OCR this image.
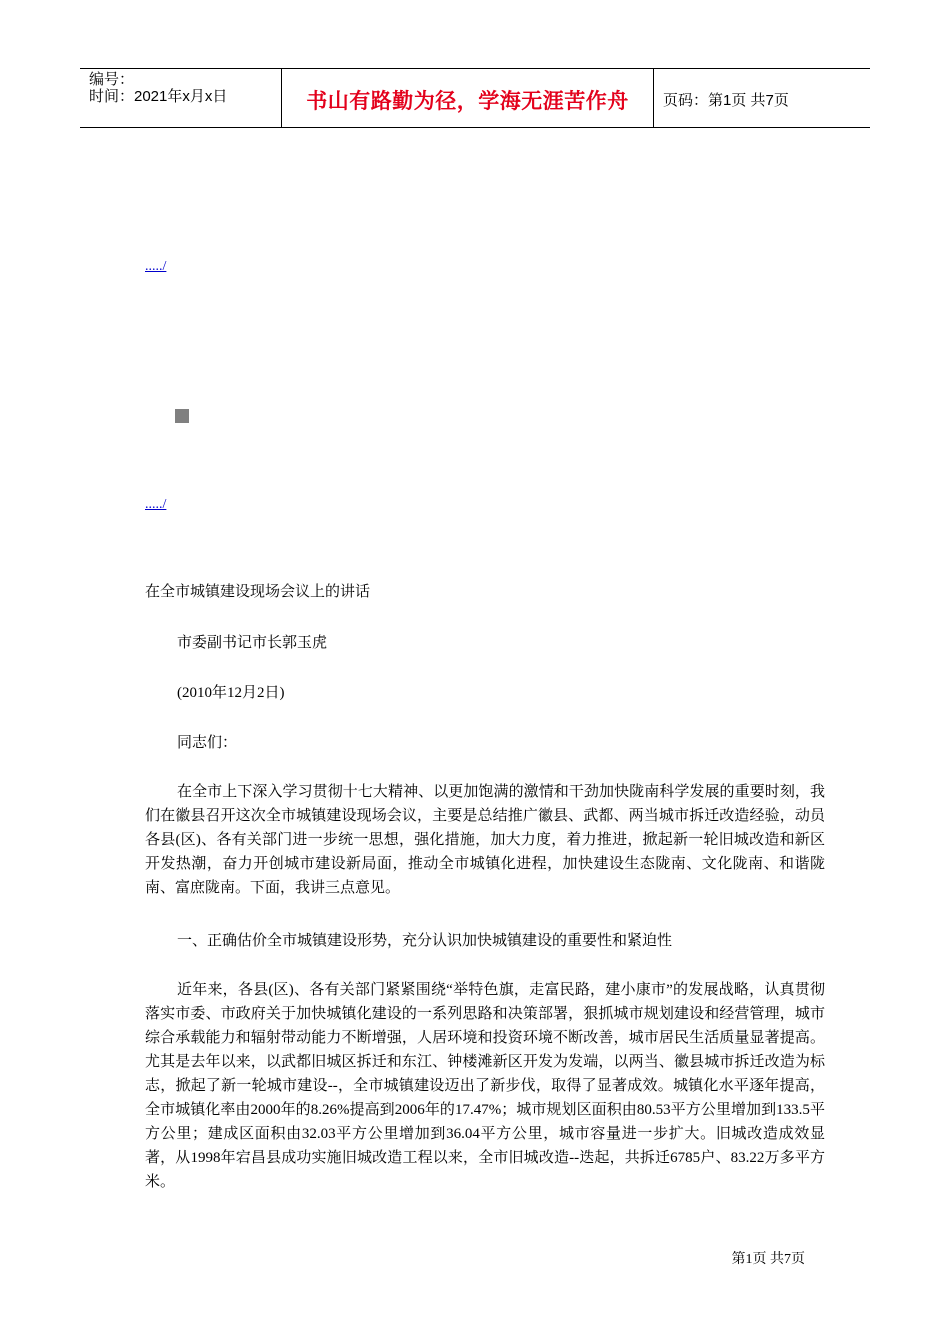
编号：
时间：2021年x月x日	书山有路勤为径，学海无涯苦作舟	页码：第1页 共7页
...../
...../

在全市城镇建设现场会议上的讲话

市委副书记市长郭玉虎

(2010年12月2日)

同志们：

在全市上下深入学习贯彻十七大精神、以更加饱满的激情和干劲加快陇南科学发展的重要时刻，我们在徽县召开这次全市城镇建设现场会议，主要是总结推广徽县、武都、两当城市拆迁改造经验，动员各县(区)、各有关部门进一步统一思想，强化措施，加大力度，着力推进，掀起新一轮旧城改造和新区开发热潮，奋力开创城市建设新局面，推动全市城镇化进程，加快建设生态陇南、文化陇南、和谐陇南、富庶陇南。下面，我讲三点意见。

一、正确估价全市城镇建设形势，充分认识加快城镇建设的重要性和紧迫性

近年来，各县(区)、各有关部门紧紧围绕“举特色旗，走富民路，建小康市”的发展战略，认真贯彻落实市委、市政府关于加快城镇化建设的一系列思路和决策部署，狠抓城市规划建设和经营管理，城市综合承载能力和辐射带动能力不断增强，人居环境和投资环境不断改善，城市居民生活质量显著提高。尤其是去年以来，以武都旧城区拆迁和东江、钟楼滩新区开发为发端，以两当、徽县城市拆迁改造为标志，掀起了新一轮城市建设--，全市城镇建设迈出了新步伐，取得了显著成效。城镇化水平逐年提高，全市城镇化率由2000年的8.26%提高到2006年的17.47%；城市规划区面积由80.53平方公里增加到133.5平方公里；建成区面积由32.03平方公里增加到36.04平方公里，城市容量进一步扩大。旧城改造成效显著，从1998年宕昌县成功实施旧城改造工程以来，全市旧城改造--迭起，共拆迁6785户、83.22万多平方米。

第1页 共7页
